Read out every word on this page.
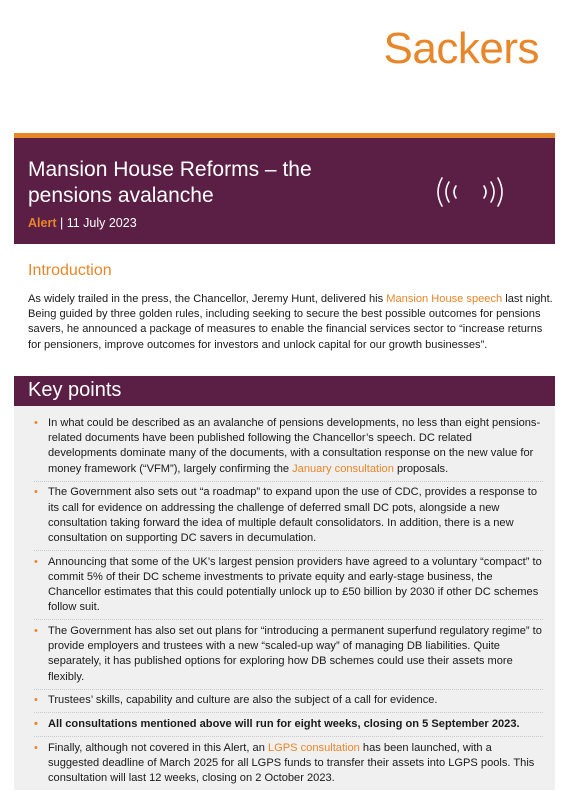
Sackers
Mansion House Reforms – the
pensions avalanche
Alert | 11 July 2023
Introduction
As widely trailed in the press, the Chancellor, Jeremy Hunt, delivered his Mansion House speech last night. Being guided by three golden rules, including seeking to secure the best possible outcomes for pensions savers, he announced a package of measures to enable the financial services sector to “increase returns for pensioners, improve outcomes for investors and unlock capital for our growth businesses”.
Key points
• In what could be described as an avalanche of pensions developments, no less than eight pensions-related documents have been published following the Chancellor’s speech. DC related developments dominate many of the documents, with a consultation response on the new value for money framework (“VFM”), largely confirming the January consultation proposals.
• The Government also sets out “a roadmap” to expand upon the use of CDC, provides a response to its call for evidence on addressing the challenge of deferred small DC pots, alongside a new consultation taking forward the idea of multiple default consolidators. In addition, there is a new consultation on supporting DC savers in decumulation.
• Announcing that some of the UK’s largest pension providers have agreed to a voluntary “compact” to commit 5% of their DC scheme investments to private equity and early-stage business, the Chancellor estimates that this could potentially unlock up to £50 billion by 2030 if other DC schemes follow suit.
• The Government has also set out plans for “introducing a permanent superfund regulatory regime” to provide employers and trustees with a new “scaled-up way” of managing DB liabilities. Quite separately, it has published options for exploring how DB schemes could use their assets more flexibly.
• Trustees’ skills, capability and culture are also the subject of a call for evidence.
• All consultations mentioned above will run for eight weeks, closing on 5 September 2023.
• Finally, although not covered in this Alert, an LGPS consultation has been launched, with a suggested deadline of March 2025 for all LGPS funds to transfer their assets into LGPS pools. This consultation will last 12 weeks, closing on 2 October 2023.
